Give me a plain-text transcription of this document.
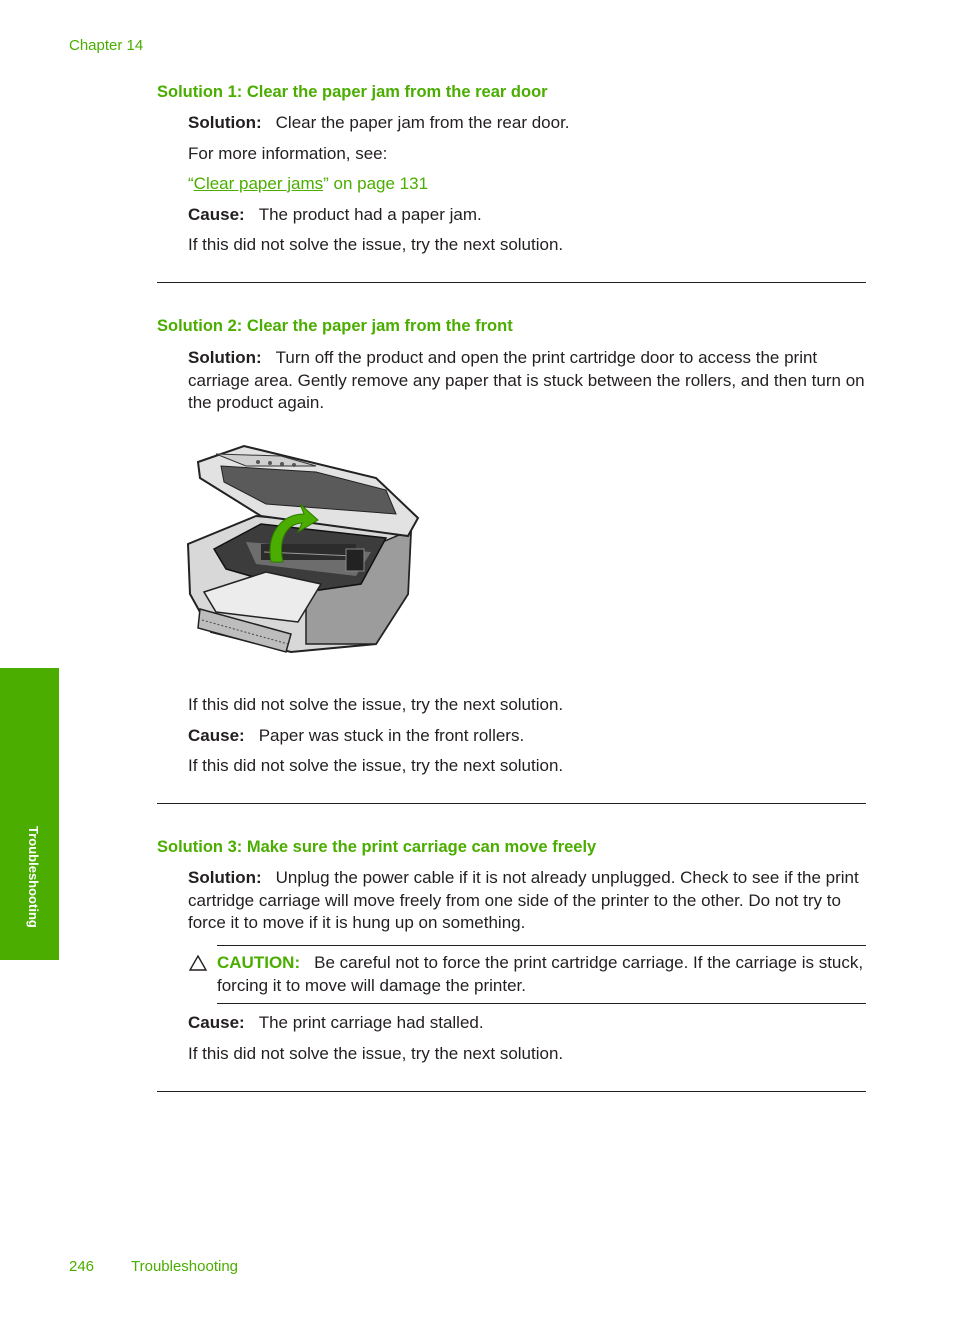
Chapter 14
Solution 1: Clear the paper jam from the rear door
Solution: Clear the paper jam from the rear door.
For more information, see:
“Clear paper jams” on page 131
Cause: The product had a paper jam.
If this did not solve the issue, try the next solution.
Solution 2: Clear the paper jam from the front
Solution: Turn off the product and open the print cartridge door to access the print carriage area. Gently remove any paper that is stuck between the rollers, and then turn on the product again.
If this did not solve the issue, try the next solution.
Cause: Paper was stuck in the front rollers.
If this did not solve the issue, try the next solution.
Solution 3: Make sure the print carriage can move freely
Solution: Unplug the power cable if it is not already unplugged. Check to see if the print cartridge carriage will move freely from one side of the printer to the other. Do not try to force it to move if it is hung up on something.
CAUTION: Be careful not to force the print cartridge carriage. If the carriage is stuck, forcing it to move will damage the printer.
Cause: The print carriage had stalled.
If this did not solve the issue, try the next solution.
Troubleshooting
246 Troubleshooting
